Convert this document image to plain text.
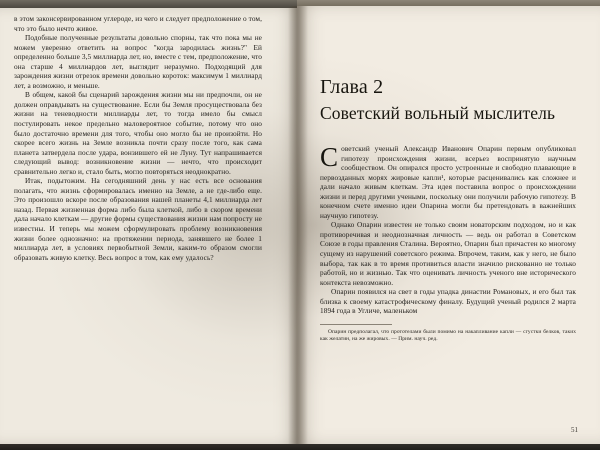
в этом законсервированном углероде, из чего и следует предположение о том, что это было нечто живое.

Подобные полученные результаты довольно спорны, так что пока мы не можем уверенно ответить на вопрос "когда зародилась жизнь?" Ей определенно больше 3,5 миллиарда лет, но, вместе с тем, предположение, что она старше 4 миллиардов лет, выглядит неразумно. Подходящий для зарождения жизни отрезок времени довольно короток: максимум 1 миллиард лет, а возможно, и меньше.

В общем, какой бы сценарий зарождения жизни мы ни предпочли, он не должен оправдывать на существование. Если бы Земля просуществовала без жизни на теневодности миллиарды лет, то тогда имело бы смысл постулировать некое предельно маловероятное событие, потому что оно было достаточно времени для того, чтобы оно могло бы не произойти. Но скорее всего жизнь на Земле возникла почти сразу после того, как сама планета затвердела после удара, вонзившего ей не Луну. Тут напрашивается следующий вывод: возникновение жизни — нечто, что происходит сравнительно легко и, стало быть, могло повторяться неоднократно.

Итак, подытожим. На сегодняшний день у нас есть все основания полагать, что жизнь сформировалась именно на Земле, а не где-либо еще. Это произошло вскоре после образования нашей планеты 4,1 миллиарда лет назад. Первая жизненная форма либо была клеткой, либо в скором времени дала начало клеткам — другие формы существования жизни нам попросту не известны. И теперь мы можем сформулировать проблему возникновения жизни более однозначно: на протяжении периода, занявшего не более 1 миллиарда лет, в условиях первобытной Земли, каким-то образом смогли образовать живую клетку. Весь вопрос в том, как ему удалось?

Глава 2
Советский вольный мыслитель

Советский ученый Александр Иванович Опарин первым опубликовал гипотезу происхождения жизни, всерьез воспринятую научным сообществом. Он опирался просто устроенные и свободно плавающие в первозданных морях жировые капли¹, которые расценивались как сложнее и дали начало живым клеткам. Эта идея поставила вопрос о происхождении жизни и перед другими учеными, поскольку они получили рабочую гипотезу. В конечном счете именно идеи Опарина могли бы претендовать в важнейших научную гипотезу.

Однако Опарин известен не только своим новаторским подходом, но и как противоречивая и неоднозначная личность — ведь он работал в Советском Союзе в годы правления Сталина. Вероятно, Опарин был причастен ко многому сущему из нарушений советского режима. Впрочем, таким, как у него, не было выбора, так как в то время противиться власти значило рискованно не только работой, но и жизнью. Так что оценивать личность ученого вне исторического контекста невозможно.

Опарин появился на свет в годы упадка династии Романовых, и его был так близка к своему катастрофическому финалу. Будущий ученый родился 2 марта 1894 года в Угличе, маленьком

Опарин предполагал, что прототелами были помимо на накапливание капли — сгустки белков, таких как желатин, на же жировых. — Прим. науч. ред.

51
